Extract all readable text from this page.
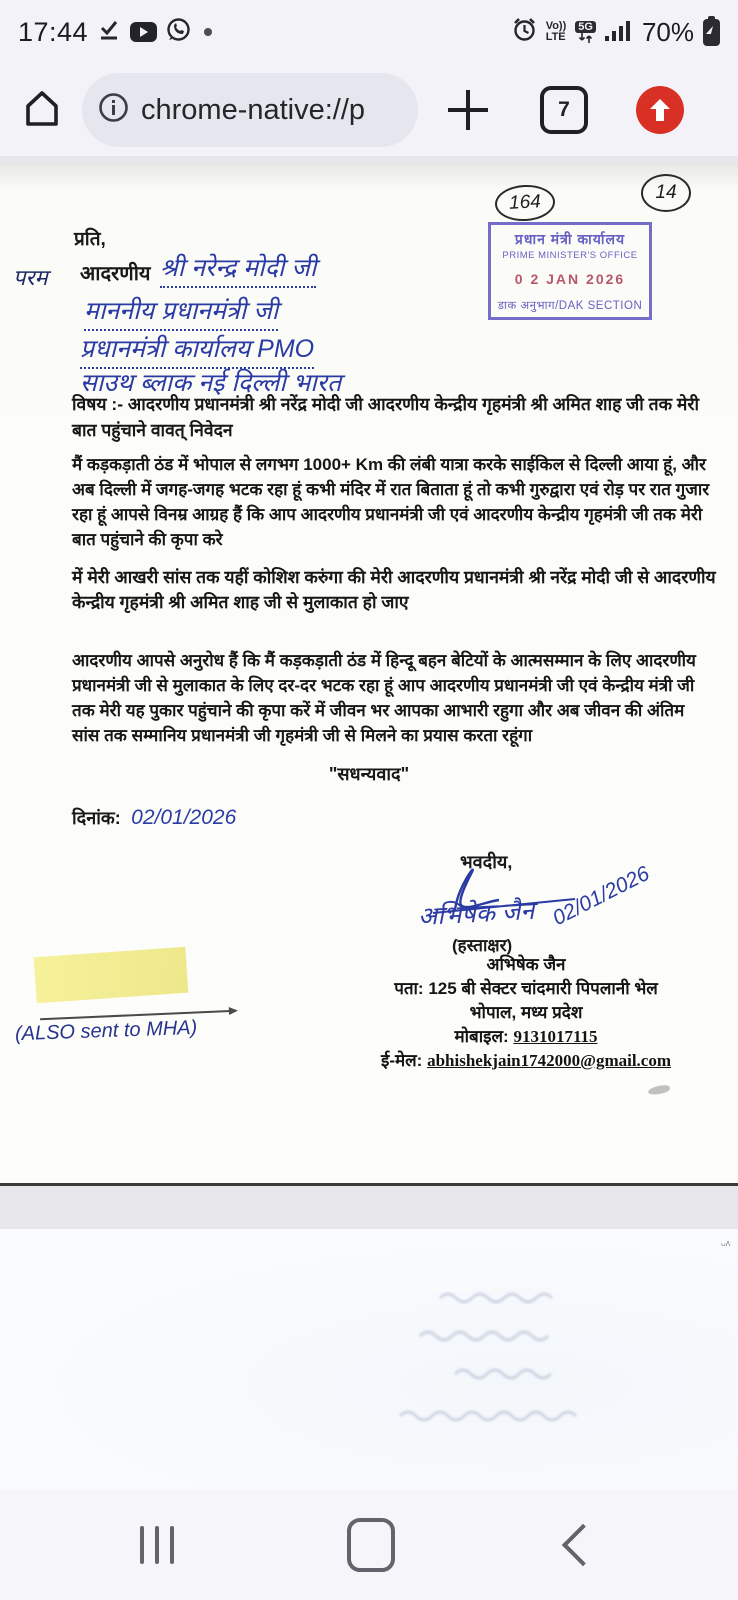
17:44	Vo))
LTE
5G 70%
chrome-native://p	7
164	14
प्रधान मंत्री कार्यालय
PRIME MINISTER'S OFFICE
0 2 JAN 2026
डाक अनुभाग/DAK SECTION
प्रति,
परम आदरणीय श्री नरेन्द्र मोदी जी
माननीय प्रधानमंत्री जी
प्रधानमंत्री कार्यालय PMO
साउथ ब्लाक नई दिल्ली भारत
विषय :- आदरणीय प्रधानमंत्री श्री नरेंद्र मोदी जी आदरणीय केन्द्रीय गृहमंत्री श्री अमित शाह जी तक मेरी बात पहुंचाने वावत् निवेदन
मैं कड़कड़ाती ठंड में भोपाल से लगभग 1000+ Km की लंबी यात्रा करके साईकिल से दिल्ली आया हूं, और अब दिल्ली में जगह-जगह भटक रहा हूं कभी मंदिर में रात बिताता हूं तो कभी गुरुद्वारा एवं रोड़ पर रात गुजार रहा हूं आपसे विनम्र आग्रह हैं कि आप आदरणीय प्रधानमंत्री जी एवं आदरणीय केन्द्रीय गृहमंत्री जी तक मेरी बात पहुंचाने की कृपा करे
में मेरी आखरी सांस तक यहीं कोशिश करुंगा की मेरी आदरणीय प्रधानमंत्री श्री नरेंद्र मोदी जी से आदरणीय केन्द्रीय गृहमंत्री श्री अमित शाह जी से मुलाकात हो जाए
आदरणीय आपसे अनुरोध हैं कि मैं कड़कड़ाती ठंड में हिन्दू बहन बेटियों के आत्मसम्मान के लिए आदरणीय प्रधानमंत्री जी से मुलाकात के लिए दर-दर भटक रहा हूं आप आदरणीय प्रधानमंत्री जी एवं केन्द्रीय मंत्री जी तक मेरी यह पुकार पहुंचाने की कृपा करें में जीवन भर आपका आभारी रहुगा और अब जीवन की अंतिम सांस तक सम्मानिय प्रधानमंत्री जी गृहमंत्री जी से मिलने का प्रयास करता रहूंगा
"सधन्यवाद"
दिनांक: 02/01/2026
भवदीय,
अभिषेक जैन 02/01/2026
(हस्ताक्षर)
अभिषेक जैन
पता: 125 बी सेक्टर चांदमारी पिपलानी भेल
भोपाल, मध्य प्रदेश
मोबाइल: 9131017115
ई-मेल: abhishekjain1742000@gmail.com
(ALSO sent to MHA)
ᵕᶺ
